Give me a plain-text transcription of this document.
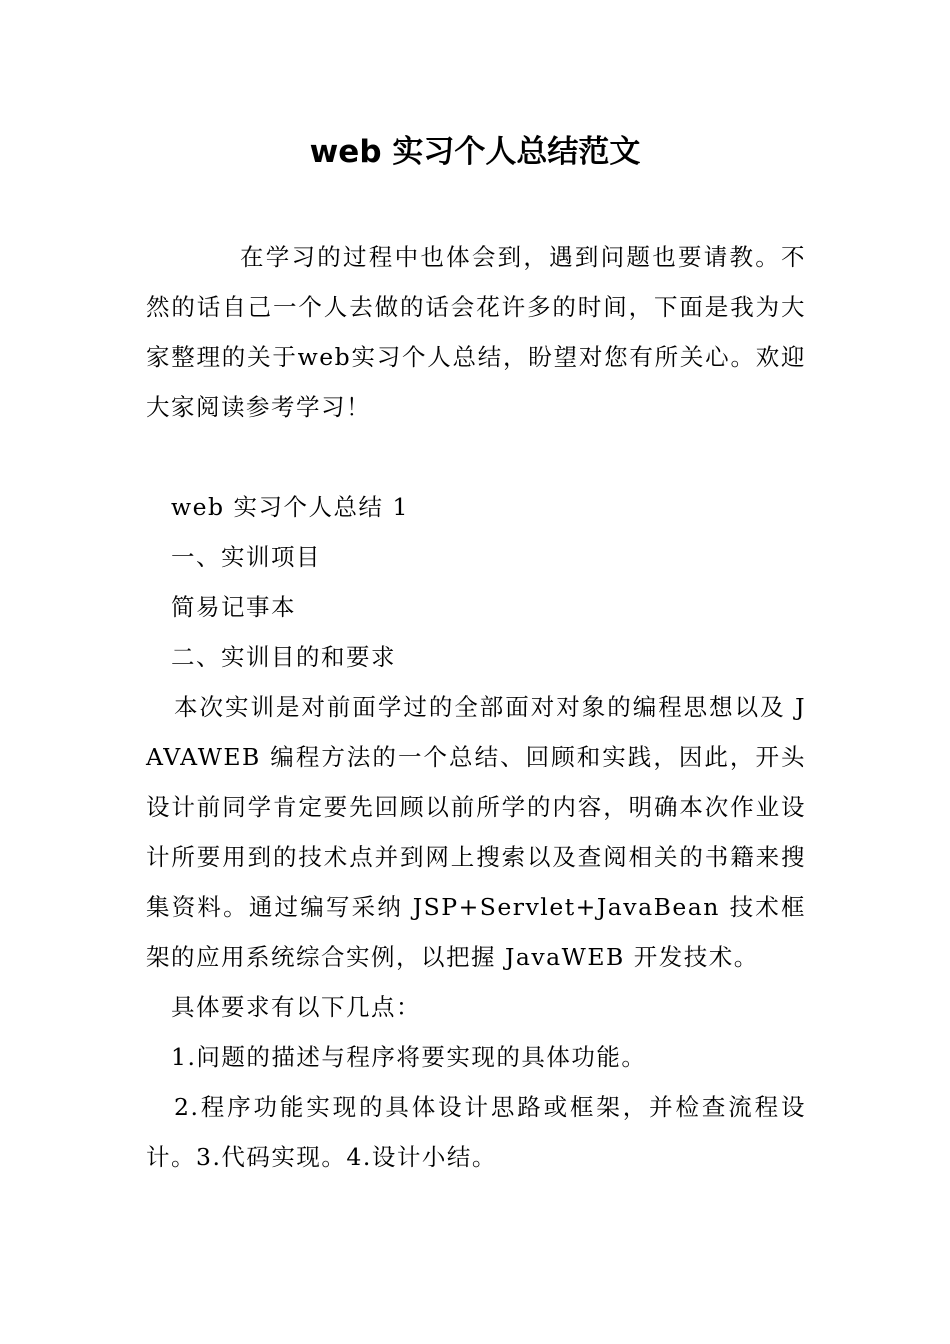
web 实习个人总结范文

在学习的过程中也体会到，遇到问题也要请教。不然的话自己一个人去做的话会花许多的时间，下面是我为大家整理的关于web实习个人总结，盼望对您有所关心。欢迎大家阅读参考学习！

web 实习个人总结 1

一、实训项目

简易记事本

二、实训目的和要求

本次实训是对前面学过的全部面对对象的编程思想以及 JAVAWEB 编程方法的一个总结、回顾和实践，因此，开头设计前同学肯定要先回顾以前所学的内容，明确本次作业设计所要用到的技术点并到网上搜索以及查阅相关的书籍来搜集资料。通过编写采纳 JSP+Servlet+JavaBean 技术框架的应用系统综合实例，以把握 JavaWEB 开发技术。

具体要求有以下几点：

1.问题的描述与程序将要实现的具体功能。

2.程序功能实现的具体设计思路或框架，并检查流程设计。3.代码实现。4.设计小结。
